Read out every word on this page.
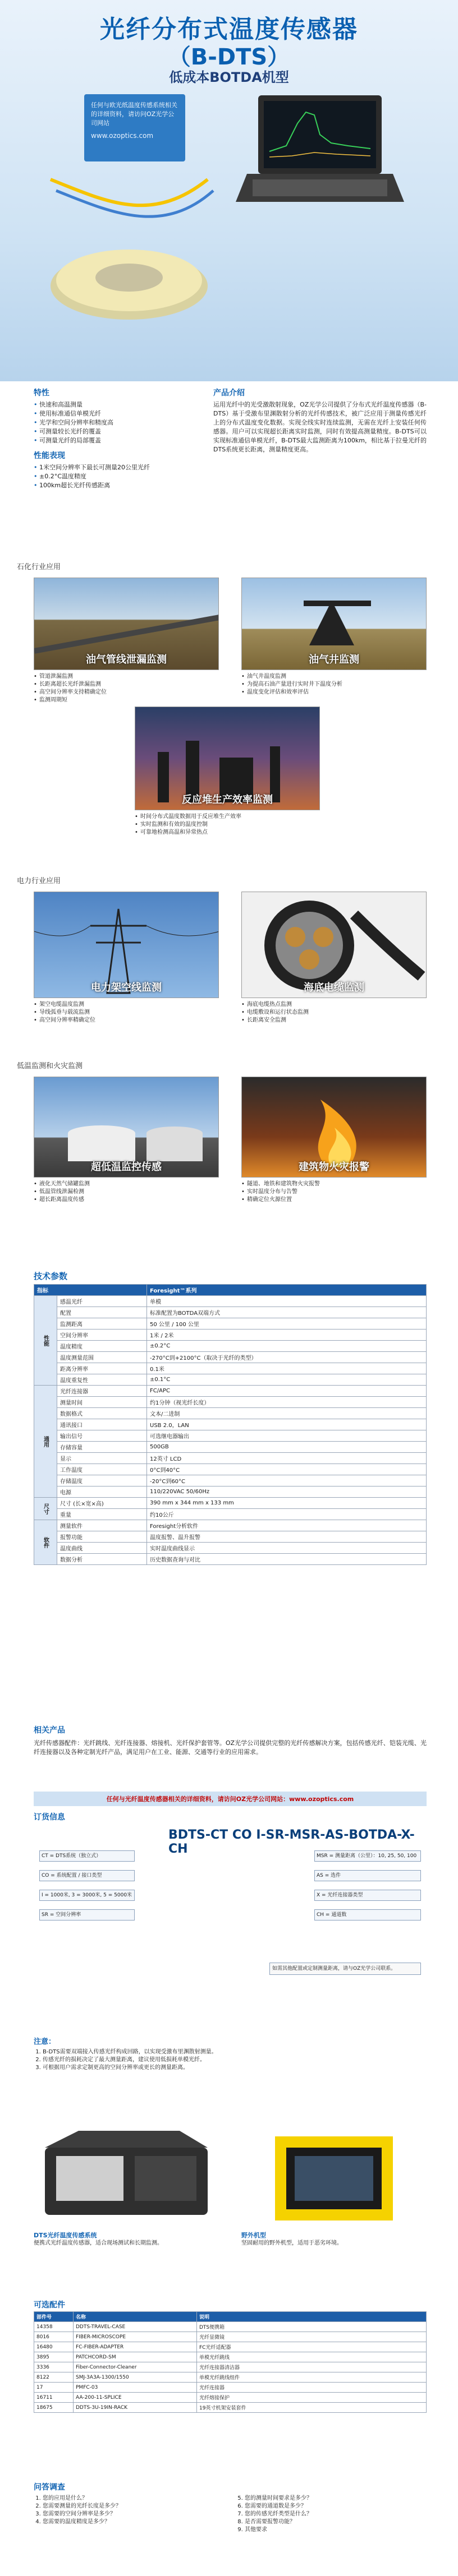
光纤分布式温度传感器
（B-DTS）
低成本BOTDA机型
任何与欧光纸温度传感系统相关的详细资料，请访问OZ光学公司网站
www.ozoptics.com
特性
• 快速和高温测量
• 使用标准通信单模光纤
• 光学和空间分辨率和精度高
• 可测量较长光纤的覆盖
• 可测量光纤的局部覆盖
性能表现
• 1米空间分辨率下最长可测量20公里光纤
• ±0.2°C温度精度
• 100km超长光纤传感距离
产品介绍

运用光纤中的光受激散射现象，OZ光学公司提供了分布式光纤温度传感器（B-DTS）基于受激布里渊散射分析的光纤传感技术，被广泛应用于测量传感光纤上的分布式温度变化数据。实现全线实时连续监测，无需在光纤上安装任何传感器。用户可以实现超长距离实时监测，同时有效提高测量精度。B-DTS可以实现标准通信单模光纤，B-DTS最大监测距离为100km，相比基于拉曼光纤的DTS系统更长距离，测量精度更高。

石化行业应用
油气管线泄漏监测
• 管道泄漏监测
• 长距离超长光纤泄漏监测
• 高空间分辨率支持精确定位
• 监测周期短
油气井监测
• 油气井温度监测
• 为提高石油产量进行实时井下温度分析
• 温度变化评估和效率评估
反应堆生产效率监测
• 时间分布式温度数据用于反应堆生产效率
• 实时监测和有效的温度控制
• 可靠地检测高温和异常热点
电力行业应用
电力架空线监测
• 架空电缆温度监测
• 导线弧垂与载流监测
• 高空间分辨率精确定位
海底电缆监测
• 海底电缆热点监测
• 电缆敷设和运行状态监测
• 长距离安全监测
低温监测和火灾监测
超低温监控传感
• 液化天然气储罐监测
• 低温管线泄漏检测
• 超长距离温度传感
建筑物火灾报警
• 隧道、地铁和建筑物火灾报警
• 实时温度分布与告警
• 精确定位火源位置
技术参数
指标		Foresight™系列
性能	感温光纤	单模
	配置	标准配置为BOTDA双端方式
	监测距离	50 公里 / 100 公里
	空间分辨率	1米 / 2米
	温度精度	±0.2°C
	温度测量范围	-270°C到+2100°C（取决于光纤的类型）
	距离分辨率	0.1米
	温度重复性	±0.1°C
通用	光纤连接器	FC/APC
	测量时间	约1分钟（视光纤长度）
	数据格式	文本/二进制
	通讯接口	USB 2.0，LAN
	输出信号	可选继电器输出
	存储容量	500GB
	显示	12英寸 LCD
	工作温度	0°C到40°C
	存储温度	-20°C到60°C
	电源	110/220VAC 50/60Hz
尺寸	尺寸 (长×宽×高)	390 mm x 344 mm x 133 mm
	重量	约10公斤
软件	测量软件	Foresight分析软件
	报警功能	温度报警、温升报警
	温度曲线	实时温度曲线显示
	数据分析	历史数据查询与对比
相关产品

光纤传感器配件：光纤跳线、光纤连接器、熔接机、光纤保护套管等。OZ光学公司提供完整的光纤传感解决方案，包括传感光纤、铠装光缆、光纤连接器以及各种定制光纤产品，满足用户在工业、能源、交通等行业的应用需求。

任何与光纤温度传感器相关的详细资料，请访问OZ光学公司网站：www.ozoptics.com
订货信息
BDTS-CT CO I-SR-MSR-AS-BOTDA-X-CH
CT = DTS系统（独立式）
CO = 系统配置 / 接口类型
I = 1000米, 3 = 3000米, 5 = 5000米
SR = 空间分辨率
MSR = 测量距离（公里）：10, 25, 50, 100
AS = 选件
X = 光纤连接器类型
CH = 通道数
如需其他配置或定制测量距离，请与OZ光学公司联系。
注意：
1. B-DTS需要双端接入传感光纤构成回路，以实现受激布里渊散射测量。
2. 传感光纤的损耗决定了最大测量距离，建议使用低损耗单模光纤。
3. 可根据用户需求定制更高的空间分辨率或更长的测量距离。
DTS光纤温度传感系统
便携式光纤温度传感器，适合现场测试和长期监测。
野外机型
坚固耐用的野外机型，适用于恶劣环境。
可选配件
部件号	名称	说明
14358	DDTS-TRAVEL-CASE	DTS便携箱
8016	FIBER-MICROSCOPE	光纤显微镜
16480	FC-FIBER-ADAPTER	FC光纤适配器
3895	PATCHCORD-SM	单模光纤跳线
3336	Fiber-Connector-Cleaner	光纤连接器清洁器
8122	SMJ-3A3A-1300/1550	单模光纤跳线组件
17	PMFC-03	光纤连接器
16711	AA-200-11-SPLICE	光纤熔接保护
18675	DDTS-3U-19IN-RACK	19英寸机架安装套件
问答调查
1. 您的应用是什么？
2. 您需要测量的光纤长度是多少？
3. 您需要的空间分辨率是多少？
4. 您需要的温度精度是多少？
5. 您的测量时间要求是多少？
6. 您需要的通道数是多少？
7. 您的传感光纤类型是什么？
8. 是否需要报警功能？
9. 其他要求
